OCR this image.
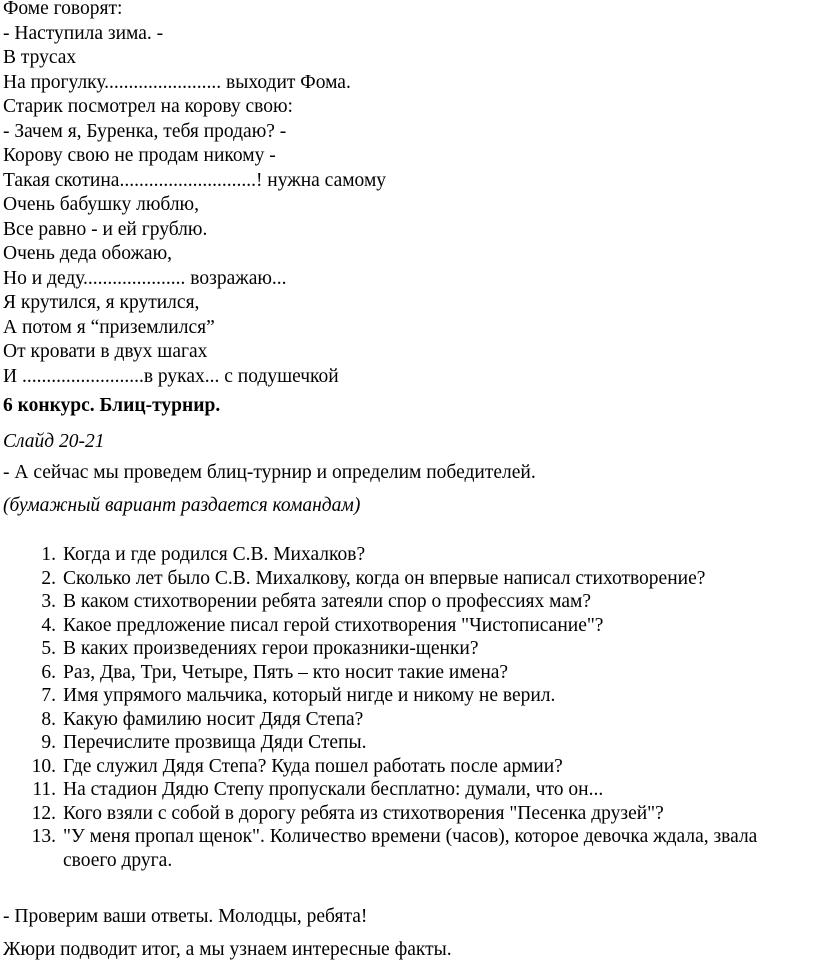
Фоме говорят:
- Наступила зима. -
В трусах
На прогулку........................ выходит Фома.
Старик посмотрел на корову свою:
- Зачем я, Буренка, тебя продаю? -
Корову свою не продам никому -
Такая скотина............................! нужна самому
Очень бабушку люблю,
Все равно - и ей грублю.
Очень деда обожаю,
Но и деду..................... возражаю...
Я крутился, я крутился,
А потом я “приземлился”
От кровати в двух шагах
И .........................в руках... с подушечкой
6 конкурс. Блиц-турнир.
Слайд 20-21
- А сейчас мы проведем блиц-турнир и определим победителей.
(бумажный вариант раздается командам)
1. Когда и где родился С.В. Михалков?
2. Сколько лет было С.В. Михалкову, когда он впервые написал стихотворение?
3. В каком стихотворении ребята затеяли спор о профессиях мам?
4. Какое предложение писал герой стихотворения "Чистописание"?
5. В каких произведениях герои проказники-щенки?
6. Раз, Два, Три, Четыре, Пять – кто носит такие имена?
7. Имя упрямого мальчика, который нигде и никому не верил.
8. Какую фамилию носит Дядя Степа?
9. Перечислите прозвища Дяди Степы.
10. Где служил Дядя Степа? Куда пошел работать после армии?
11. На стадион Дядю Степу пропускали бесплатно: думали, что он...
12. Кого взяли с собой в дорогу ребята из стихотворения "Песенка друзей"?
13. "У меня пропал щенок". Количество времени (часов), которое девочка ждала, звала своего друга.
- Проверим ваши ответы. Молодцы, ребята!
Жюри подводит итог, а мы узнаем интересные факты.
